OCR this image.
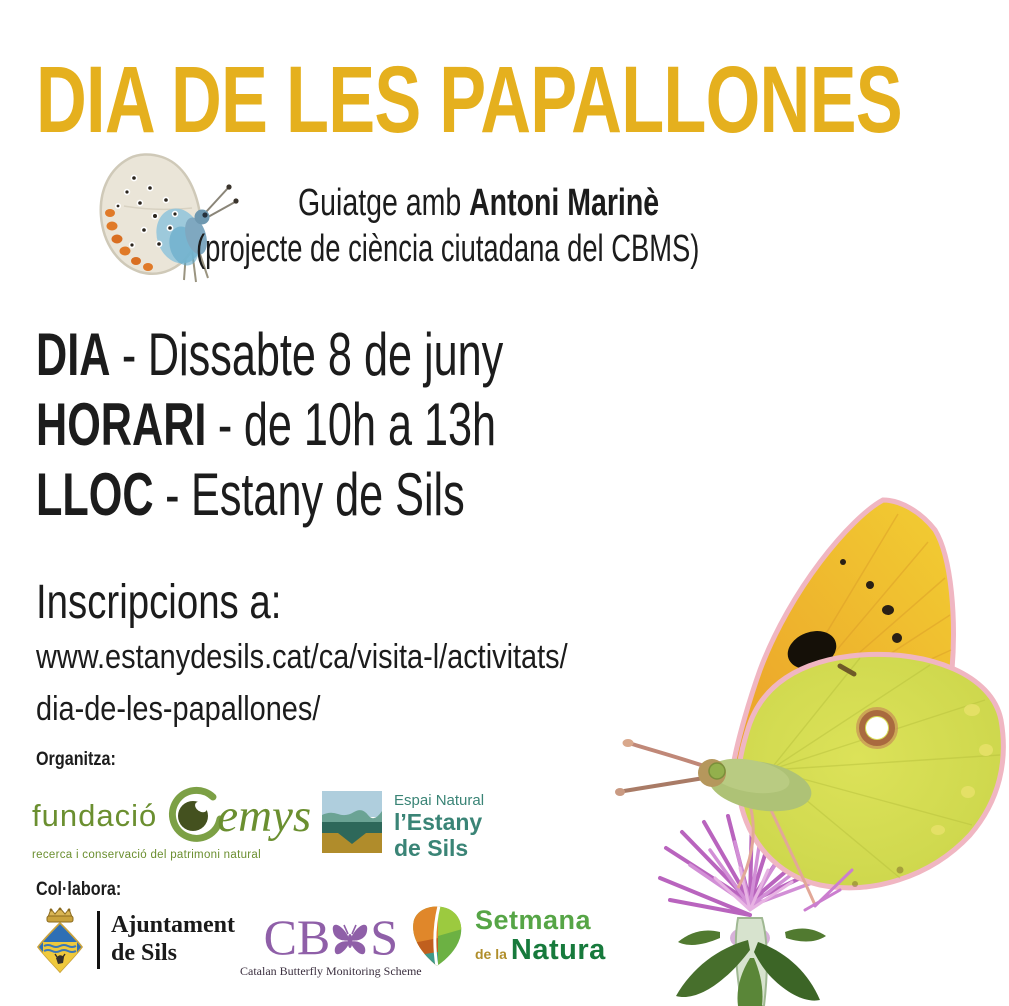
DIA DE LES PAPALLONES
Guiatge amb Antoni Marinè
(projecte de ciència ciutadana del CBMS)
DIA - Dissabte 8 de juny
HORARI - de 10h a 13h
LLOC - Estany de Sils
Inscripcions a:
www.estanydesils.cat/ca/visita-l/activitats/
dia-de-les-papallones/
Organitza:
fundació emys
recerca i conservació del patrimoni natural
Espai Natural
l’Estany
de Sils
Col·labora:
Ajuntament
de Sils	CB S
Catalan Butterfly Monitoring Scheme
Setmana
de la Natura
